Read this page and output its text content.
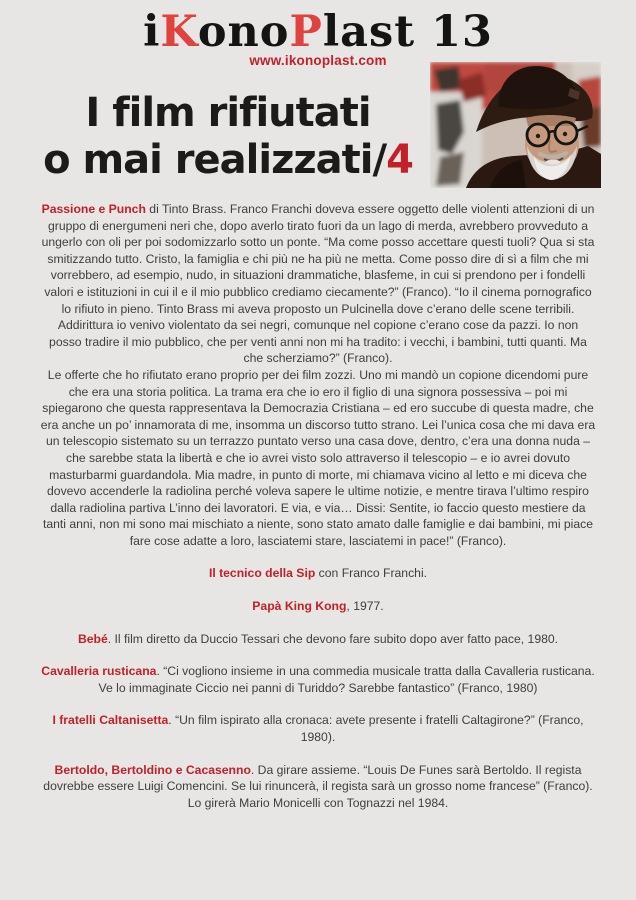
iKonoPlast 13
www.ikonoplast.com
I film rifiutati
o mai realizzati/4

Passione e Punch di Tinto Brass. Franco Franchi doveva essere oggetto delle violenti attenzioni di un gruppo di energumeni neri che, dopo averlo tirato fuori da un lago di merda, avrebbero provveduto a ungerlo con oli per poi sodomizzarlo sotto un ponte. “Ma come posso accettare questi tuoli? Qua si sta smitizzando tutto. Cristo, la famiglia e chi più ne ha più ne metta. Come posso dire di sì a film che mi vorrebbero, ad esempio, nudo, in situazioni drammatiche, blasfeme, in cui si prendono per i fondelli valori e istituzioni in cui il e il mio pubblico crediamo ciecamente?” (Franco). “Io il cinema pornografico lo rifiuto in pieno. Tinto Brass mi aveva proposto un Pulcinella dove c’erano delle scene terribili. Addirittura io venivo violentato da sei negri, comunque nel copione c’erano cose da pazzi. Io non posso tradire il mio pubblico, che per venti anni non mi ha tradito: i vecchi, i bambini, tutti quanti. Ma che scherziamo?” (Franco).

Le offerte che ho rifiutato erano proprio per dei film zozzi. Uno mi mandò un copione dicendomi pure che era una storia politica. La trama era che io ero il figlio di una signora possessiva – poi mi spiegarono che questa rappresentava la Democrazia Cristiana – ed ero succube di questa madre, che era anche un po’ innamorata di me, insomma un discorso tutto strano. Lei l’unica cosa che mi dava era un telescopio sistemato su un terrazzo puntato verso una casa dove, dentro, c’era una donna nuda – che sarebbe stata la libertà e che io avrei visto solo attraverso il telescopio – e io avrei dovuto masturbarmi guardandola. Mia madre, in punto di morte, mi chiamava vicino al letto e mi diceva che dovevo accenderle la radiolina perché voleva sapere le ultime notizie, e mentre tirava l’ultimo respiro dalla radiolina partiva L’inno dei lavoratori. E via, e via… Dissi: Sentite, io faccio questo mestiere da tanti anni, non mi sono mai mischiato a niente, sono stato amato dalle famiglie e dai bambini, mi piace fare cose adatte a loro, lasciatemi stare, lasciatemi in pace!” (Franco).

Il tecnico della Sip con Franco Franchi.

Papà King Kong, 1977.

Bebé. Il film diretto da Duccio Tessari che devono fare subito dopo aver fatto pace, 1980.

Cavalleria rusticana. “Ci vogliono insieme in una commedia musicale tratta dalla Cavalleria rusticana. Ve lo immaginate Ciccio nei panni di Turiddo? Sarebbe fantastico” (Franco, 1980)

I fratelli Caltanisetta. “Un film ispirato alla cronaca: avete presente i fratelli Caltagirone?” (Franco, 1980).

Bertoldo, Bertoldino e Cacasenno. Da girare assieme. “Louis De Funes sarà Bertoldo. Il regista dovrebbe essere Luigi Comencini. Se lui rinuncerà, il regista sarà un grosso nome francese” (Franco). Lo girerà Mario Monicelli con Tognazzi nel 1984.
